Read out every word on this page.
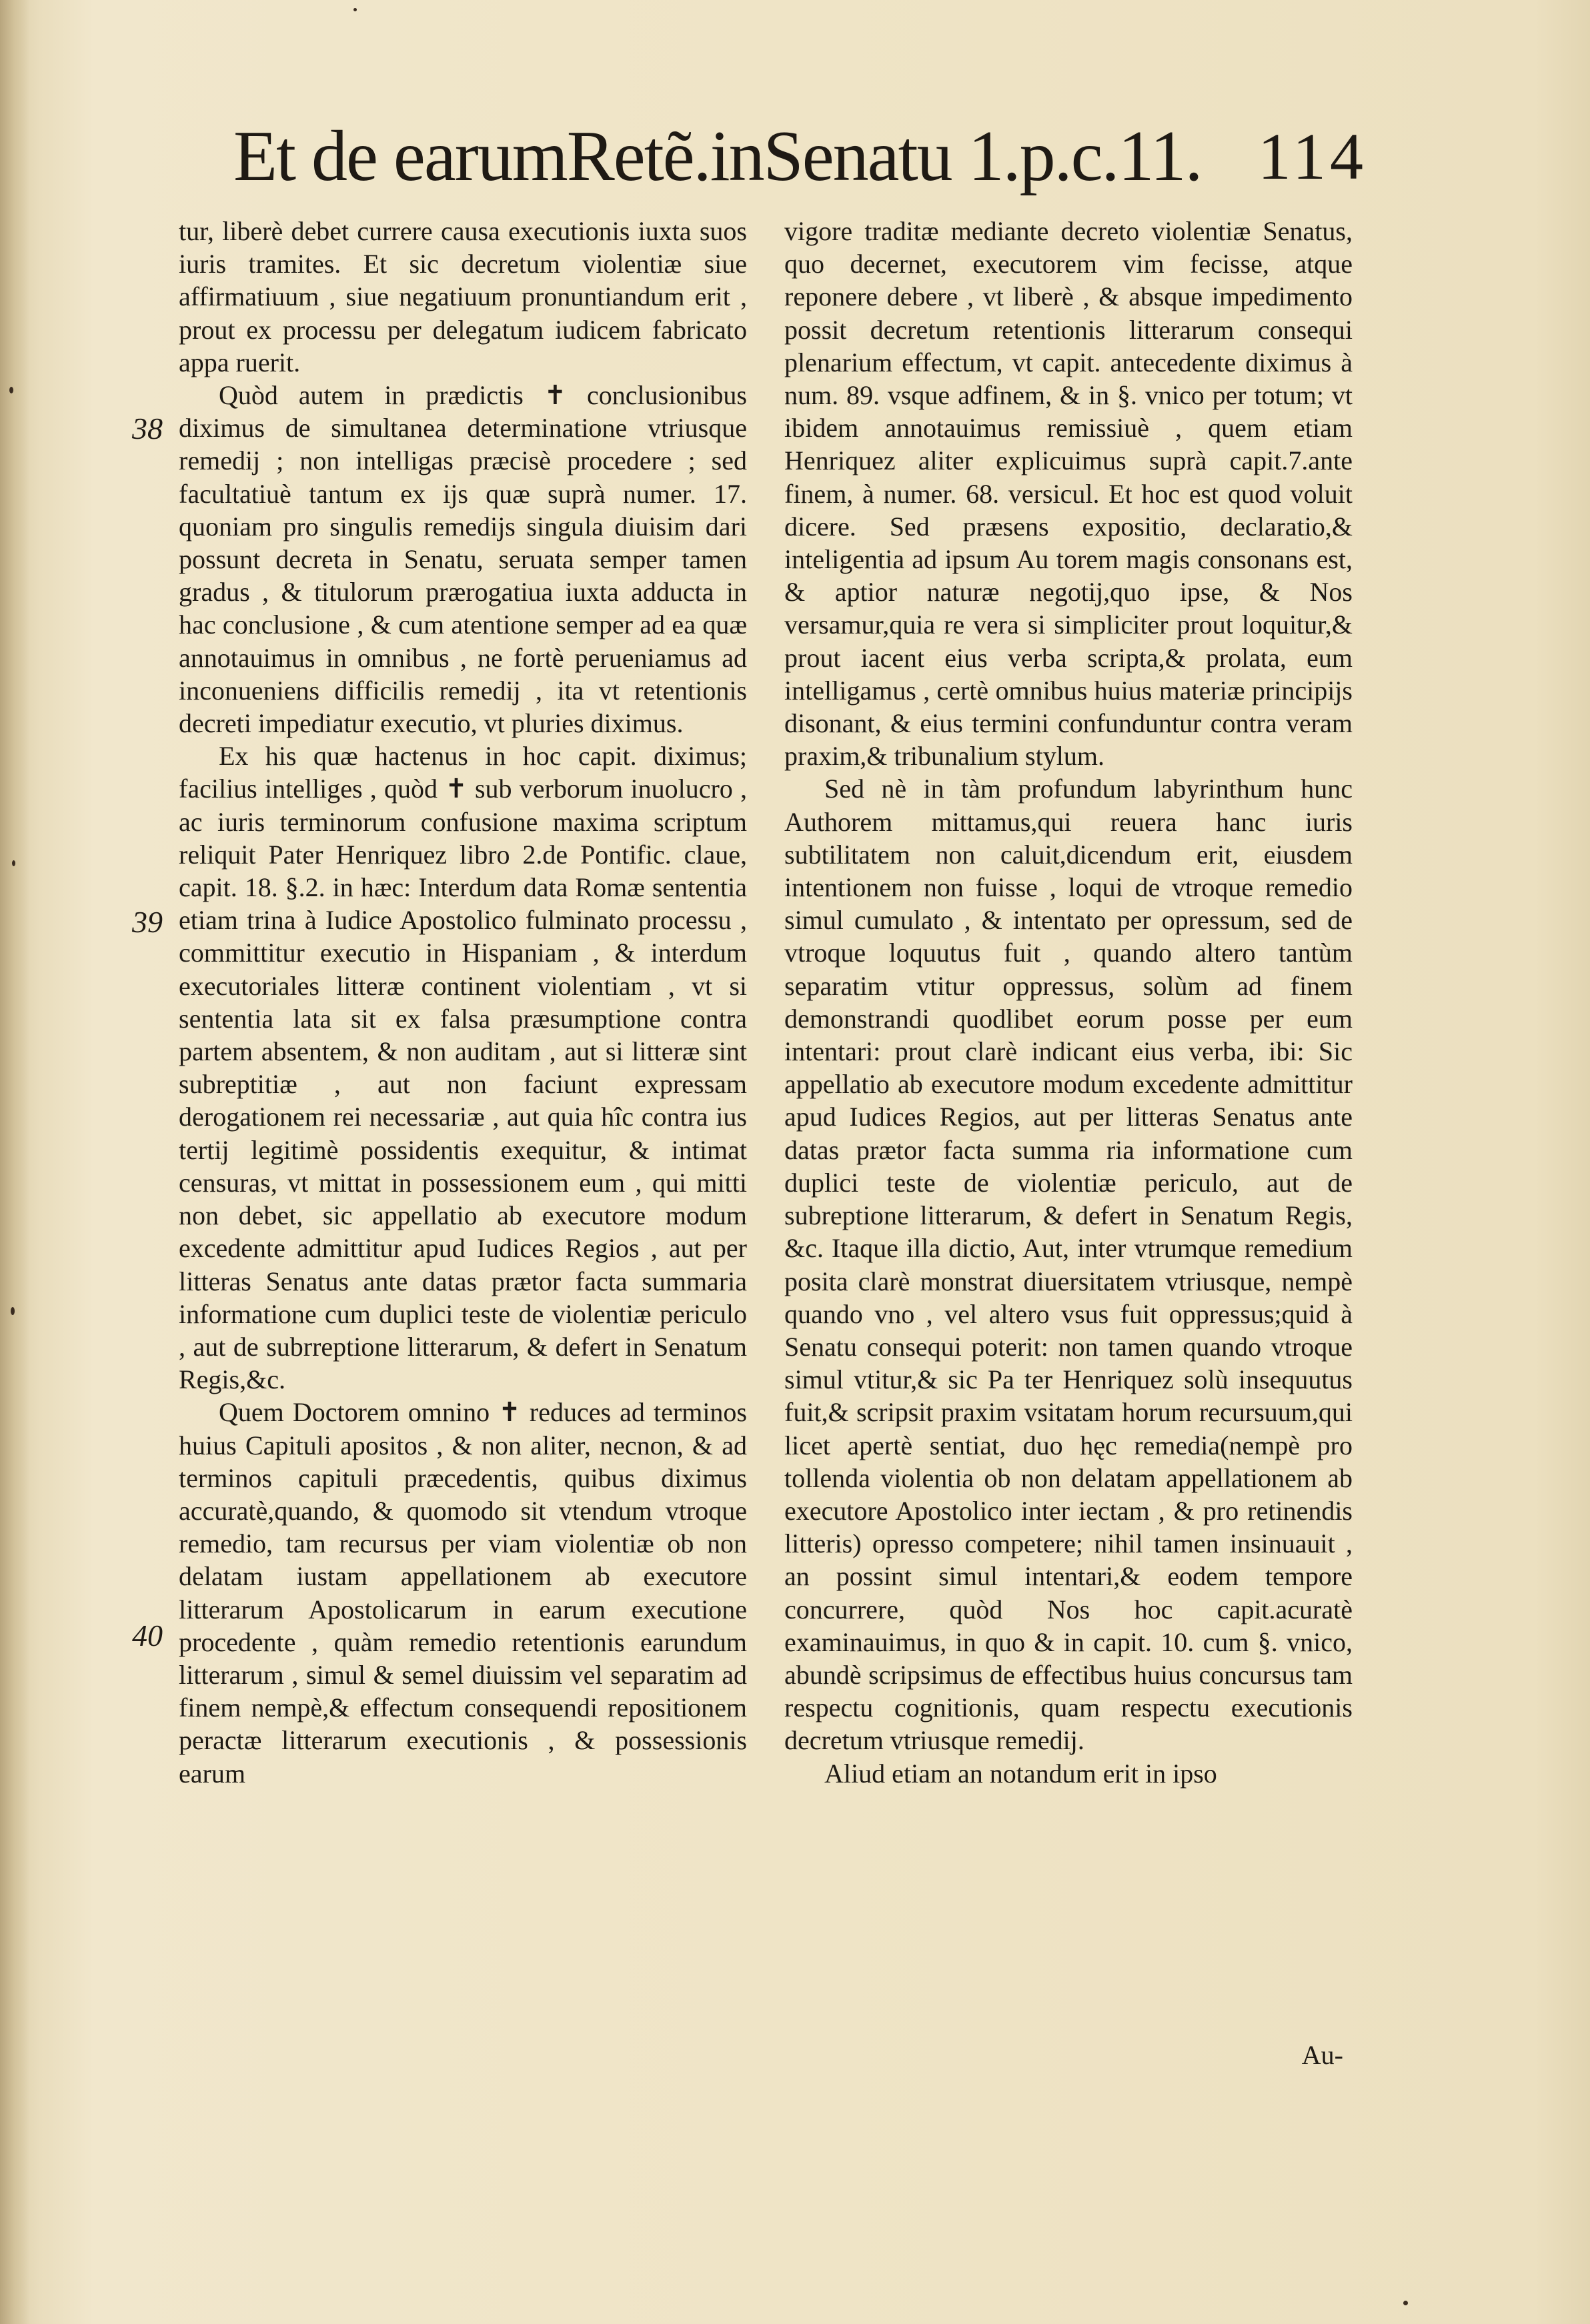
Et de earumRetẽ.inSenatu 1.p.c.11. 114
38
39
40

tur, liberè debet currere causa executionis iuxta suos iuris tramites. Et sic decretum violentiæ siue affirmatiuum , siue negatiuum pronuntiandum erit , prout ex processu per delegatum iudicem fabricato appa ruerit.

Quòd autem in prædictis ✝ conclusionibus diximus de simultanea determinatione vtriusque remedij ; non intelligas præcisè procedere ; sed facultatiuè tantum ex ijs quæ suprà numer. 17. quoniam pro singulis remedijs singula diuisim dari possunt decreta in Senatu, seruata semper tamen gradus , & titulorum prærogatiua iuxta adducta in hac conclusione , & cum atentione semper ad ea quæ annotauimus in omnibus , ne fortè perueniamus ad inconueniens difficilis remedij , ita vt retentionis decreti impediatur executio, vt pluries diximus.

Ex his quæ hactenus in hoc capit. diximus; facilius intelliges , quòd ✝ sub verborum inuolucro , ac iuris terminorum confusione maxima scriptum reliquit Pater Henriquez libro 2.de Pontific. claue, capit. 18. §.2. in hæc: Interdum data Romæ sententia etiam trina à Iudice Apostolico fulminato processu , committitur executio in Hispaniam , & interdum executoriales litteræ continent violentiam , vt si sententia lata sit ex falsa præsumptione contra partem absentem, & non auditam , aut si litteræ sint subreptitiæ , aut non faciunt expressam derogationem rei necessariæ , aut quia hîc contra ius tertij legitimè possidentis exequitur, & intimat censuras, vt mittat in possessionem eum , qui mitti non debet, sic appellatio ab executore modum excedente admittitur apud Iudices Regios , aut per litteras Senatus ante datas prætor facta summaria informatione cum duplici teste de violentiæ periculo , aut de subrreptione litterarum, & defert in Senatum Regis,&c.

Quem Doctorem omnino ✝ reduces ad terminos huius Capituli apositos , & non aliter, necnon, & ad terminos capituli præcedentis, quibus diximus accuratè,quando, & quomodo sit vtendum vtroque remedio, tam recursus per viam violentiæ ob non delatam iustam appellationem ab executore litterarum Apostolicarum in earum executione procedente , quàm remedio retentionis earundum litterarum , simul & semel diuissim vel separatim ad finem nempè,& effectum consequendi repositionem peractæ litterarum executionis , & possessionis earum

vigore traditæ mediante decreto violentiæ Senatus, quo decernet, executorem vim fecisse, atque reponere debere , vt liberè , & absque impedimento possit decretum retentionis litterarum consequi plenarium effectum, vt capit. antecedente diximus à num. 89. vsque adfinem, & in §. vnico per totum; vt ibidem annotauimus remissiuè , quem etiam Henriquez aliter explicuimus suprà capit.7.ante finem, à numer. 68. versicul. Et hoc est quod voluit dicere. Sed præsens expositio, declaratio,& inteligentia ad ipsum Au torem magis consonans est, & aptior naturæ negotij,quo ipse, & Nos versamur,quia re vera si simpliciter prout loquitur,& prout iacent eius verba scripta,& prolata, eum intelligamus , certè omnibus huius materiæ principijs disonant, & eius termini confunduntur contra veram praxim,& tribunalium stylum.

Sed nè in tàm profundum labyrinthum hunc Authorem mittamus,qui reuera hanc iuris subtilitatem non caluit,dicendum erit, eiusdem intentionem non fuisse , loqui de vtroque remedio simul cumulato , & intentato per opressum, sed de vtroque loquutus fuit , quando altero tantùm separatim vtitur oppressus, solùm ad finem demonstrandi quodlibet eorum posse per eum intentari: prout clarè indicant eius verba, ibi: Sic appellatio ab executore modum excedente admittitur apud Iudices Regios, aut per litteras Senatus ante datas prætor facta summa ria informatione cum duplici teste de violentiæ periculo, aut de subreptione litterarum, & defert in Senatum Regis, &c. Itaque illa dictio, Aut, inter vtrumque remedium posita clarè monstrat diuersitatem vtriusque, nempè quando vno , vel altero vsus fuit oppressus;quid à Senatu consequi poterit: non tamen quando vtroque simul vtitur,& sic Pa ter Henriquez solù insequutus fuit,& scripsit praxim vsitatam horum recursuum,qui licet apertè sentiat, duo hęc remedia(nempè pro tollenda violentia ob non delatam appellationem ab executore Apostolico inter iectam , & pro retinendis litteris) opresso competere; nihil tamen insinuauit , an possint simul intentari,& eodem tempore concurrere, quòd Nos hoc capit.acuratè examinauimus, in quo & in capit. 10. cum §. vnico, abundè scripsimus de effectibus huius concursus tam respectu cognitionis, quam respectu executionis decretum vtriusque remedij.

Aliud etiam an notandum erit in ipso

Au-
